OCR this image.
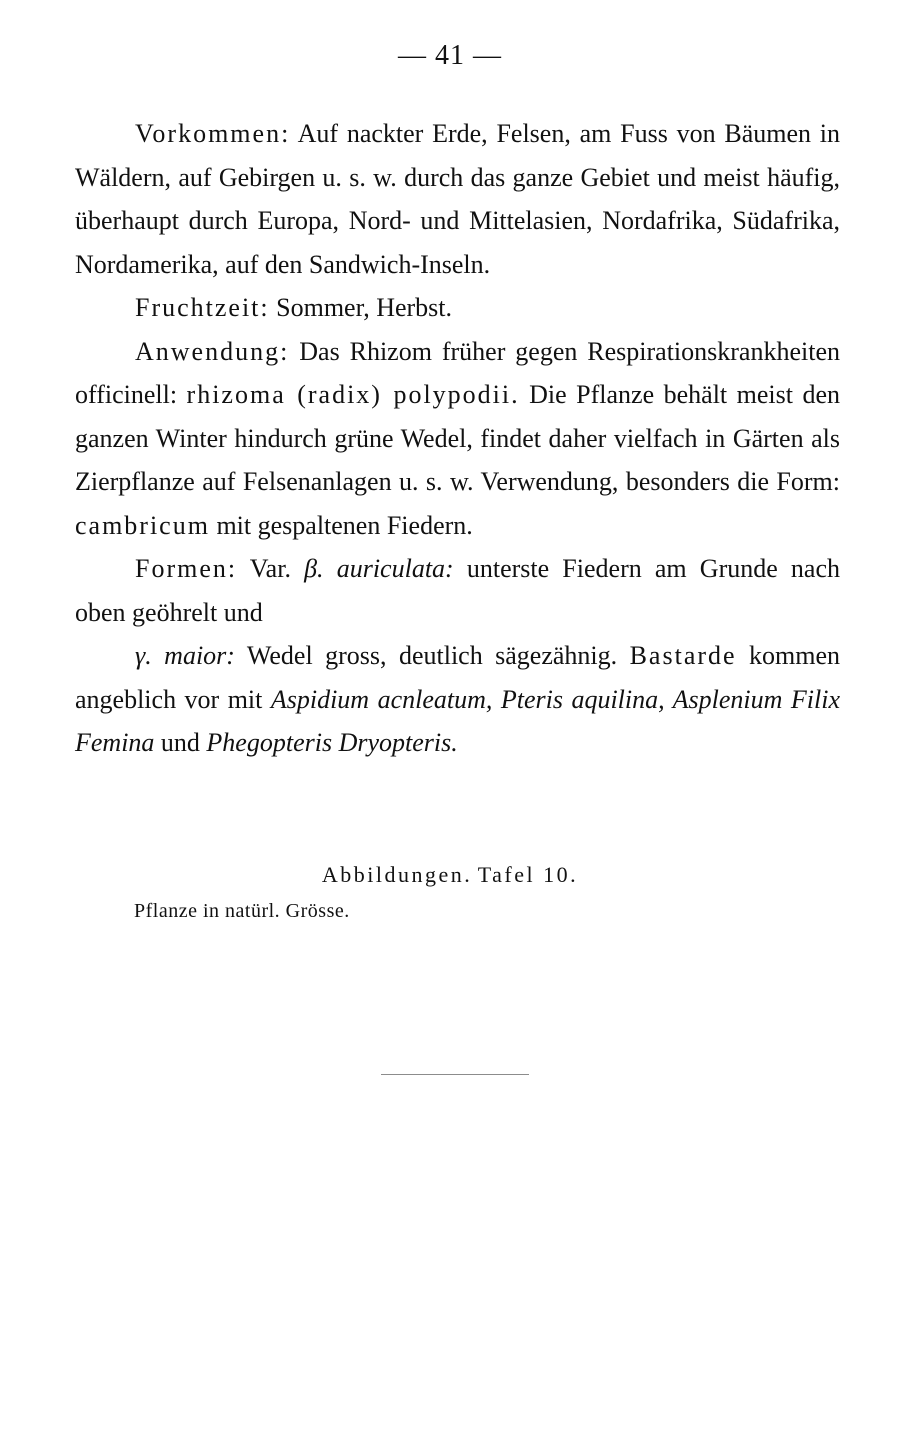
— 41 —

Vorkommen: Auf nackter Erde, Felsen, am Fuss von Bäumen in Wäldern, auf Gebirgen u. s. w. durch das ganze Gebiet und meist häufig, überhaupt durch Europa, Nord- und Mittelasien, Nordafrika, Südafrika, Nordamerika, auf den Sandwich-Inseln.

Fruchtzeit: Sommer, Herbst.

Anwendung: Das Rhizom früher gegen Respirationskrankheiten officinell: rhizoma (radix) polypodii. Die Pflanze behält meist den ganzen Winter hindurch grüne Wedel, findet daher vielfach in Gärten als Zierpflanze auf Felsenanlagen u. s. w. Verwendung, besonders die Form: cambricum mit gespaltenen Fiedern.

Formen: Var. β. auriculata: unterste Fiedern am Grunde nach oben geöhrelt und

γ. maior: Wedel gross, deutlich sägezähnig. Bastarde kommen angeblich vor mit Aspidium acnleatum, Pteris aquilina, Asplenium Filix Femina und Phegopteris Dryopteris.

Abbildungen. Tafel 10.
Pflanze in natürl. Grösse.
